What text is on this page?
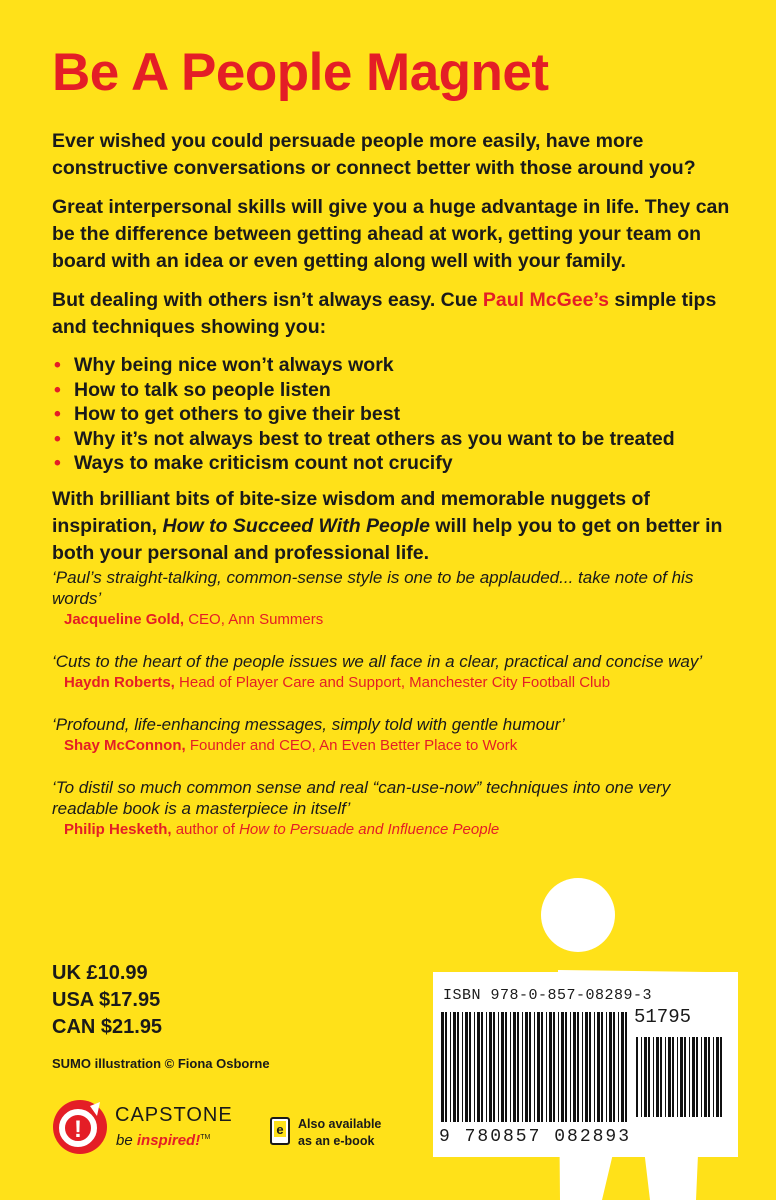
Be A People Magnet

Ever wished you could persuade people more easily, have more constructive conversations or connect better with those around you?

Great interpersonal skills will give you a huge advantage in life. They can be the difference between getting ahead at work, getting your team on board with an idea or even getting along well with your family.

But dealing with others isn’t always easy. Cue Paul McGee’s simple tips and techniques showing you:

• Why being nice won’t always work
• How to talk so people listen
• How to get others to give their best
• Why it’s not always best to treat others as you want to be treated
• Ways to make criticism count not crucify

With brilliant bits of bite-size wisdom and memorable nuggets of inspiration, How to Succeed With People will help you to get on better in both your personal and professional life.

‘Paul’s straight-talking, common-sense style is one to be applauded... take note of his words’
Jacqueline Gold, CEO, Ann Summers
‘Cuts to the heart of the people issues we all face in a clear, practical and concise way’
Haydn Roberts, Head of Player Care and Support, Manchester City Football Club
‘Profound, life-enhancing messages, simply told with gentle humour’
Shay McConnon, Founder and CEO, An Even Better Place to Work
‘To distil so much common sense and real “can-use-now” techniques into one very readable book is a masterpiece in itself’
Philip Hesketh, author of How to Persuade and Influence People
UK £10.99
USA $17.95
CAN $21.95
SUMO illustration © Fiona Osborne
!
CAPSTONE
be inspired!™
e Also available
as an e-book
ISBN 978-0-857-08289-3
51795
9 780857 082893
